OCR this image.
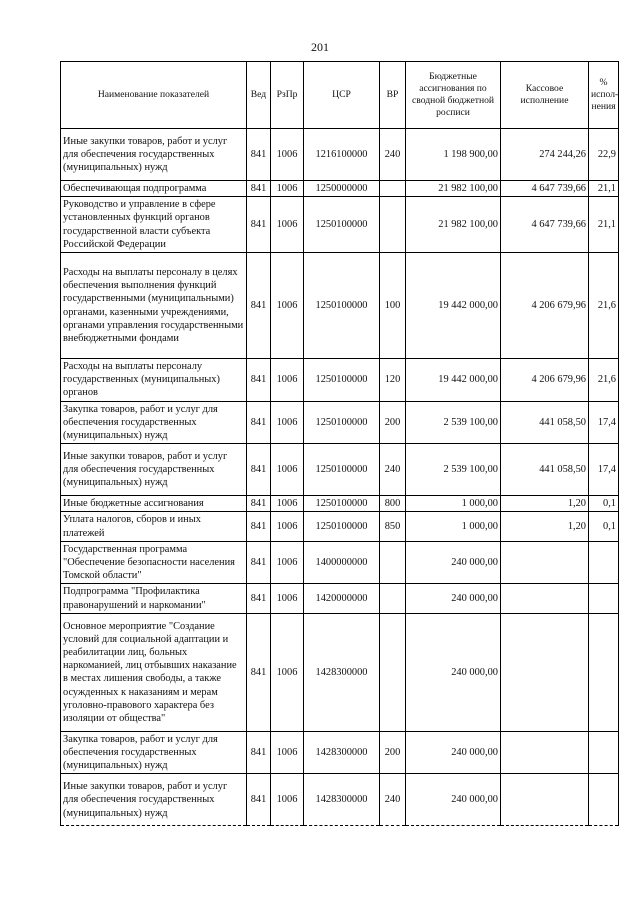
201
Наименование показателей	Вед	РзПр	ЦСР	ВР	Бюджетные ассигнования по сводной бюджетной росписи	Кассовое исполнение	% испол-нения
Иные закупки товаров, работ и услуг для обеспечения государственных (муниципальных) нужд	841	1006	1216100000	240	1 198 900,00	274 244,26	22,9
Обеспечивающая подпрограмма	841	1006	1250000000		21 982 100,00	4 647 739,66	21,1
Руководство и управление в сфере установленных функций органов государственной власти субъекта Российской Федерации	841	1006	1250100000		21 982 100,00	4 647 739,66	21,1
Расходы на выплаты персоналу в целях обеспечения выполнения функций государственными (муниципальными) органами, казенными учреждениями, органами управления государственными внебюджетными фондами	841	1006	1250100000	100	19 442 000,00	4 206 679,96	21,6
Расходы на выплаты персоналу государственных (муниципальных) органов	841	1006	1250100000	120	19 442 000,00	4 206 679,96	21,6
Закупка товаров, работ и услуг для обеспечения государственных (муниципальных) нужд	841	1006	1250100000	200	2 539 100,00	441 058,50	17,4
Иные закупки товаров, работ и услуг для обеспечения государственных (муниципальных) нужд	841	1006	1250100000	240	2 539 100,00	441 058,50	17,4
Иные бюджетные ассигнования	841	1006	1250100000	800	1 000,00	1,20	0,1
Уплата налогов, сборов и иных платежей	841	1006	1250100000	850	1 000,00	1,20	0,1
Государственная программа "Обеспечение безопасности населения Томской области"	841	1006	1400000000		240 000,00		
Подпрограмма "Профилактика правонарушений и наркомании"	841	1006	1420000000		240 000,00		
Основное мероприятие "Создание условий для социальной адаптации и реабилитации лиц, больных наркоманией, лиц отбывших наказание в местах лишения свободы, а также осужденных к наказаниям и мерам уголовно-правового характера без изоляции от общества"	841	1006	1428300000		240 000,00		
Закупка товаров, работ и услуг для обеспечения государственных (муниципальных) нужд	841	1006	1428300000	200	240 000,00		
Иные закупки товаров, работ и услуг для обеспечения государственных (муниципальных) нужд	841	1006	1428300000	240	240 000,00		
